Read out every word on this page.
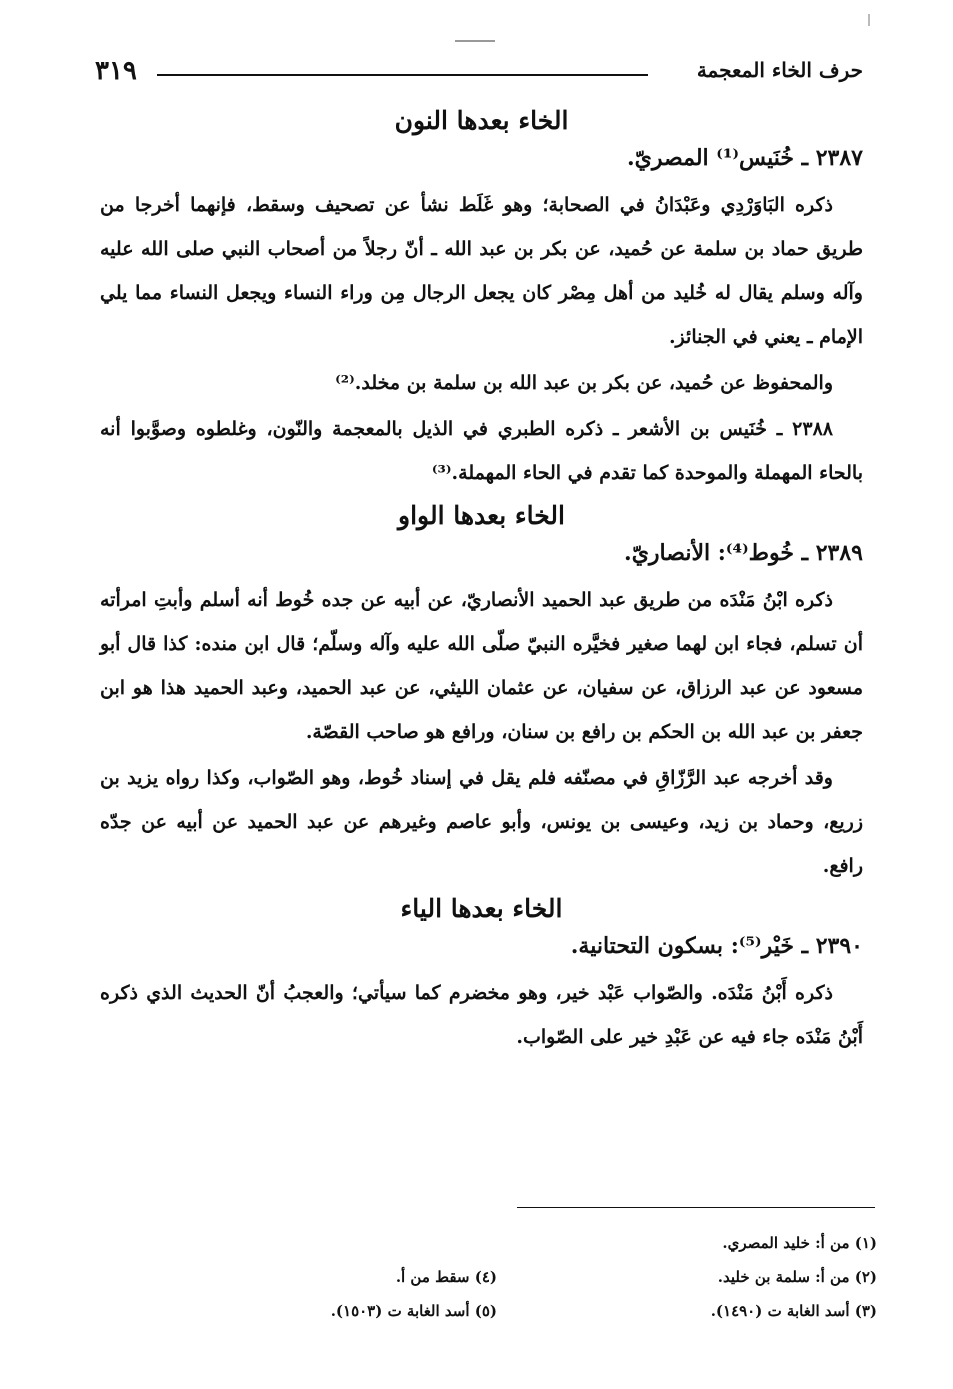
حرف الخاء المعجمة
٣١٩
الخاء بعدها النون
٢٣٨٧ ـ خُنَيس⁽¹⁾ المصريّ.

ذكره البَاوَرْدِي وعَبْدَانُ في الصحابة؛ وهو غَلَط نشأ عن تصحيف وسقط، فإنهما أخرجا من طريق حماد بن سلمة عن حُميد، عن بكر بن عبد الله ـ أنّ رجلاً من أصحاب النبي صلى الله عليه وآله وسلم يقال له خُليد من أهل مِصْر كان يجعل الرجال مِن وراء النساء ويجعل النساء مما يلي الإمام ـ يعني في الجنائز.

والمحفوظ عن حُميد، عن بكر بن عبد الله بن سلمة بن مخلد.⁽²⁾

٢٣٨٨ ـ خُنَيس بن الأشعر ـ ذكره الطبري في الذيل بالمعجمة والنّون، وغلطوه وصوَّبوا أنه بالحاء المهملة والموحدة كما تقدم في الحاء المهملة.⁽³⁾

الخاء بعدها الواو
٢٣٨٩ ـ خُوط⁽⁴⁾: الأنصاريّ.

ذكره ابْنُ مَنْدَه من طريق عبد الحميد الأنصاريّ، عن أبيه عن جده خُوط أنه أسلم وأبتِ امرأته أن تسلم، فجاء ابن لهما صغير فخيَّره النبيّ صلّى الله عليه وآله وسلّم؛ قال ابن منده: كذا قال أبو مسعود عن عبد الرزاق، عن سفيان، عن عثمان الليثي، عن عبد الحميد، وعبد الحميد هذا هو ابن جعفر بن عبد الله بن الحكم بن رافع بن سنان، ورافع هو صاحب القصّة.

وقد أخرجه عبد الرَّزّاقِ في مصنّفه فلم يقل في إسناد خُوط، وهو الصّواب، وكذا رواه يزيد بن زريع، وحماد بن زيد، وعيسى بن يونس، وأبو عاصم وغيرهم عن عبد الحميد عن أبيه عن جدّه رافع.

الخاء بعدها الياء
٢٣٩٠ ـ خَيْر⁽⁵⁾: بسكون التحتانية.

ذكره أَبْنُ مَنْدَه. والصّواب عَبْد خير، وهو مخضرم كما سيأتي؛ والعجبُ أنّ الحديث الذي ذكره أَبْنُ مَنْدَه جاء فيه عن عَبْدِ خير على الصّواب.

(١) من أ: خليد المصري.
(٢) من أ: سلمة بن خليد.
(٣) أسد الغابة ت (١٤٩٠).
(٤) سقط من أ.
(٥) أسد الغابة ت (١٥٠٣).
